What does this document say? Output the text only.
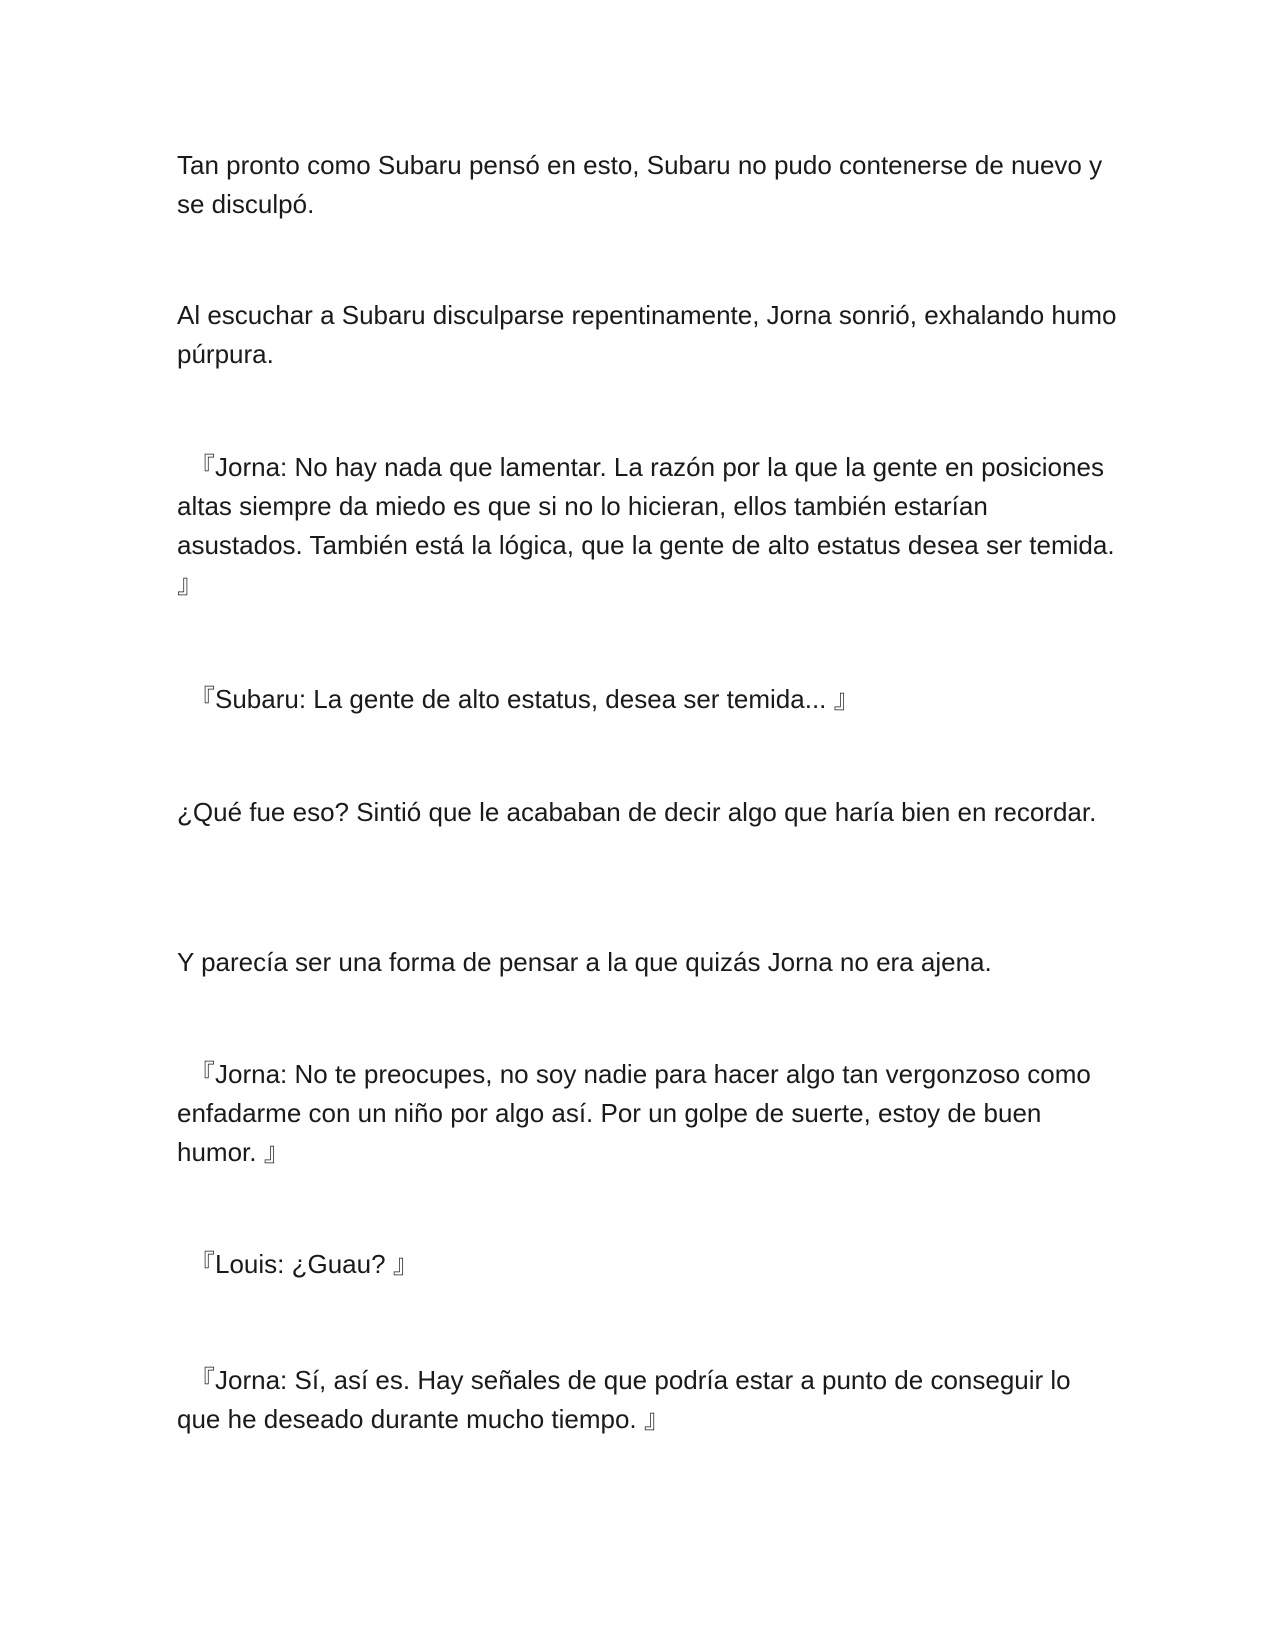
Tan pronto como Subaru pensó en esto, Subaru no pudo contenerse de nuevo y se disculpó.

Al escuchar a Subaru disculparse repentinamente, Jorna sonrió, exhalando humo púrpura.

『Jorna: No hay nada que lamentar. La razón por la que la gente en posiciones altas siempre da miedo es que si no lo hicieran, ellos también estarían asustados. También está la lógica, que la gente de alto estatus desea ser temida. 』

『Subaru: La gente de alto estatus, desea ser temida... 』

¿Qué fue eso? Sintió que le acababan de decir algo que haría bien en recordar.

Y parecía ser una forma de pensar a la que quizás Jorna no era ajena.

『Jorna: No te preocupes, no soy nadie para hacer algo tan vergonzoso como enfadarme con un niño por algo así. Por un golpe de suerte, estoy de buen humor. 』

『Louis: ¿Guau? 』

『Jorna: Sí, así es. Hay señales de que podría estar a punto de conseguir lo que he deseado durante mucho tiempo. 』
